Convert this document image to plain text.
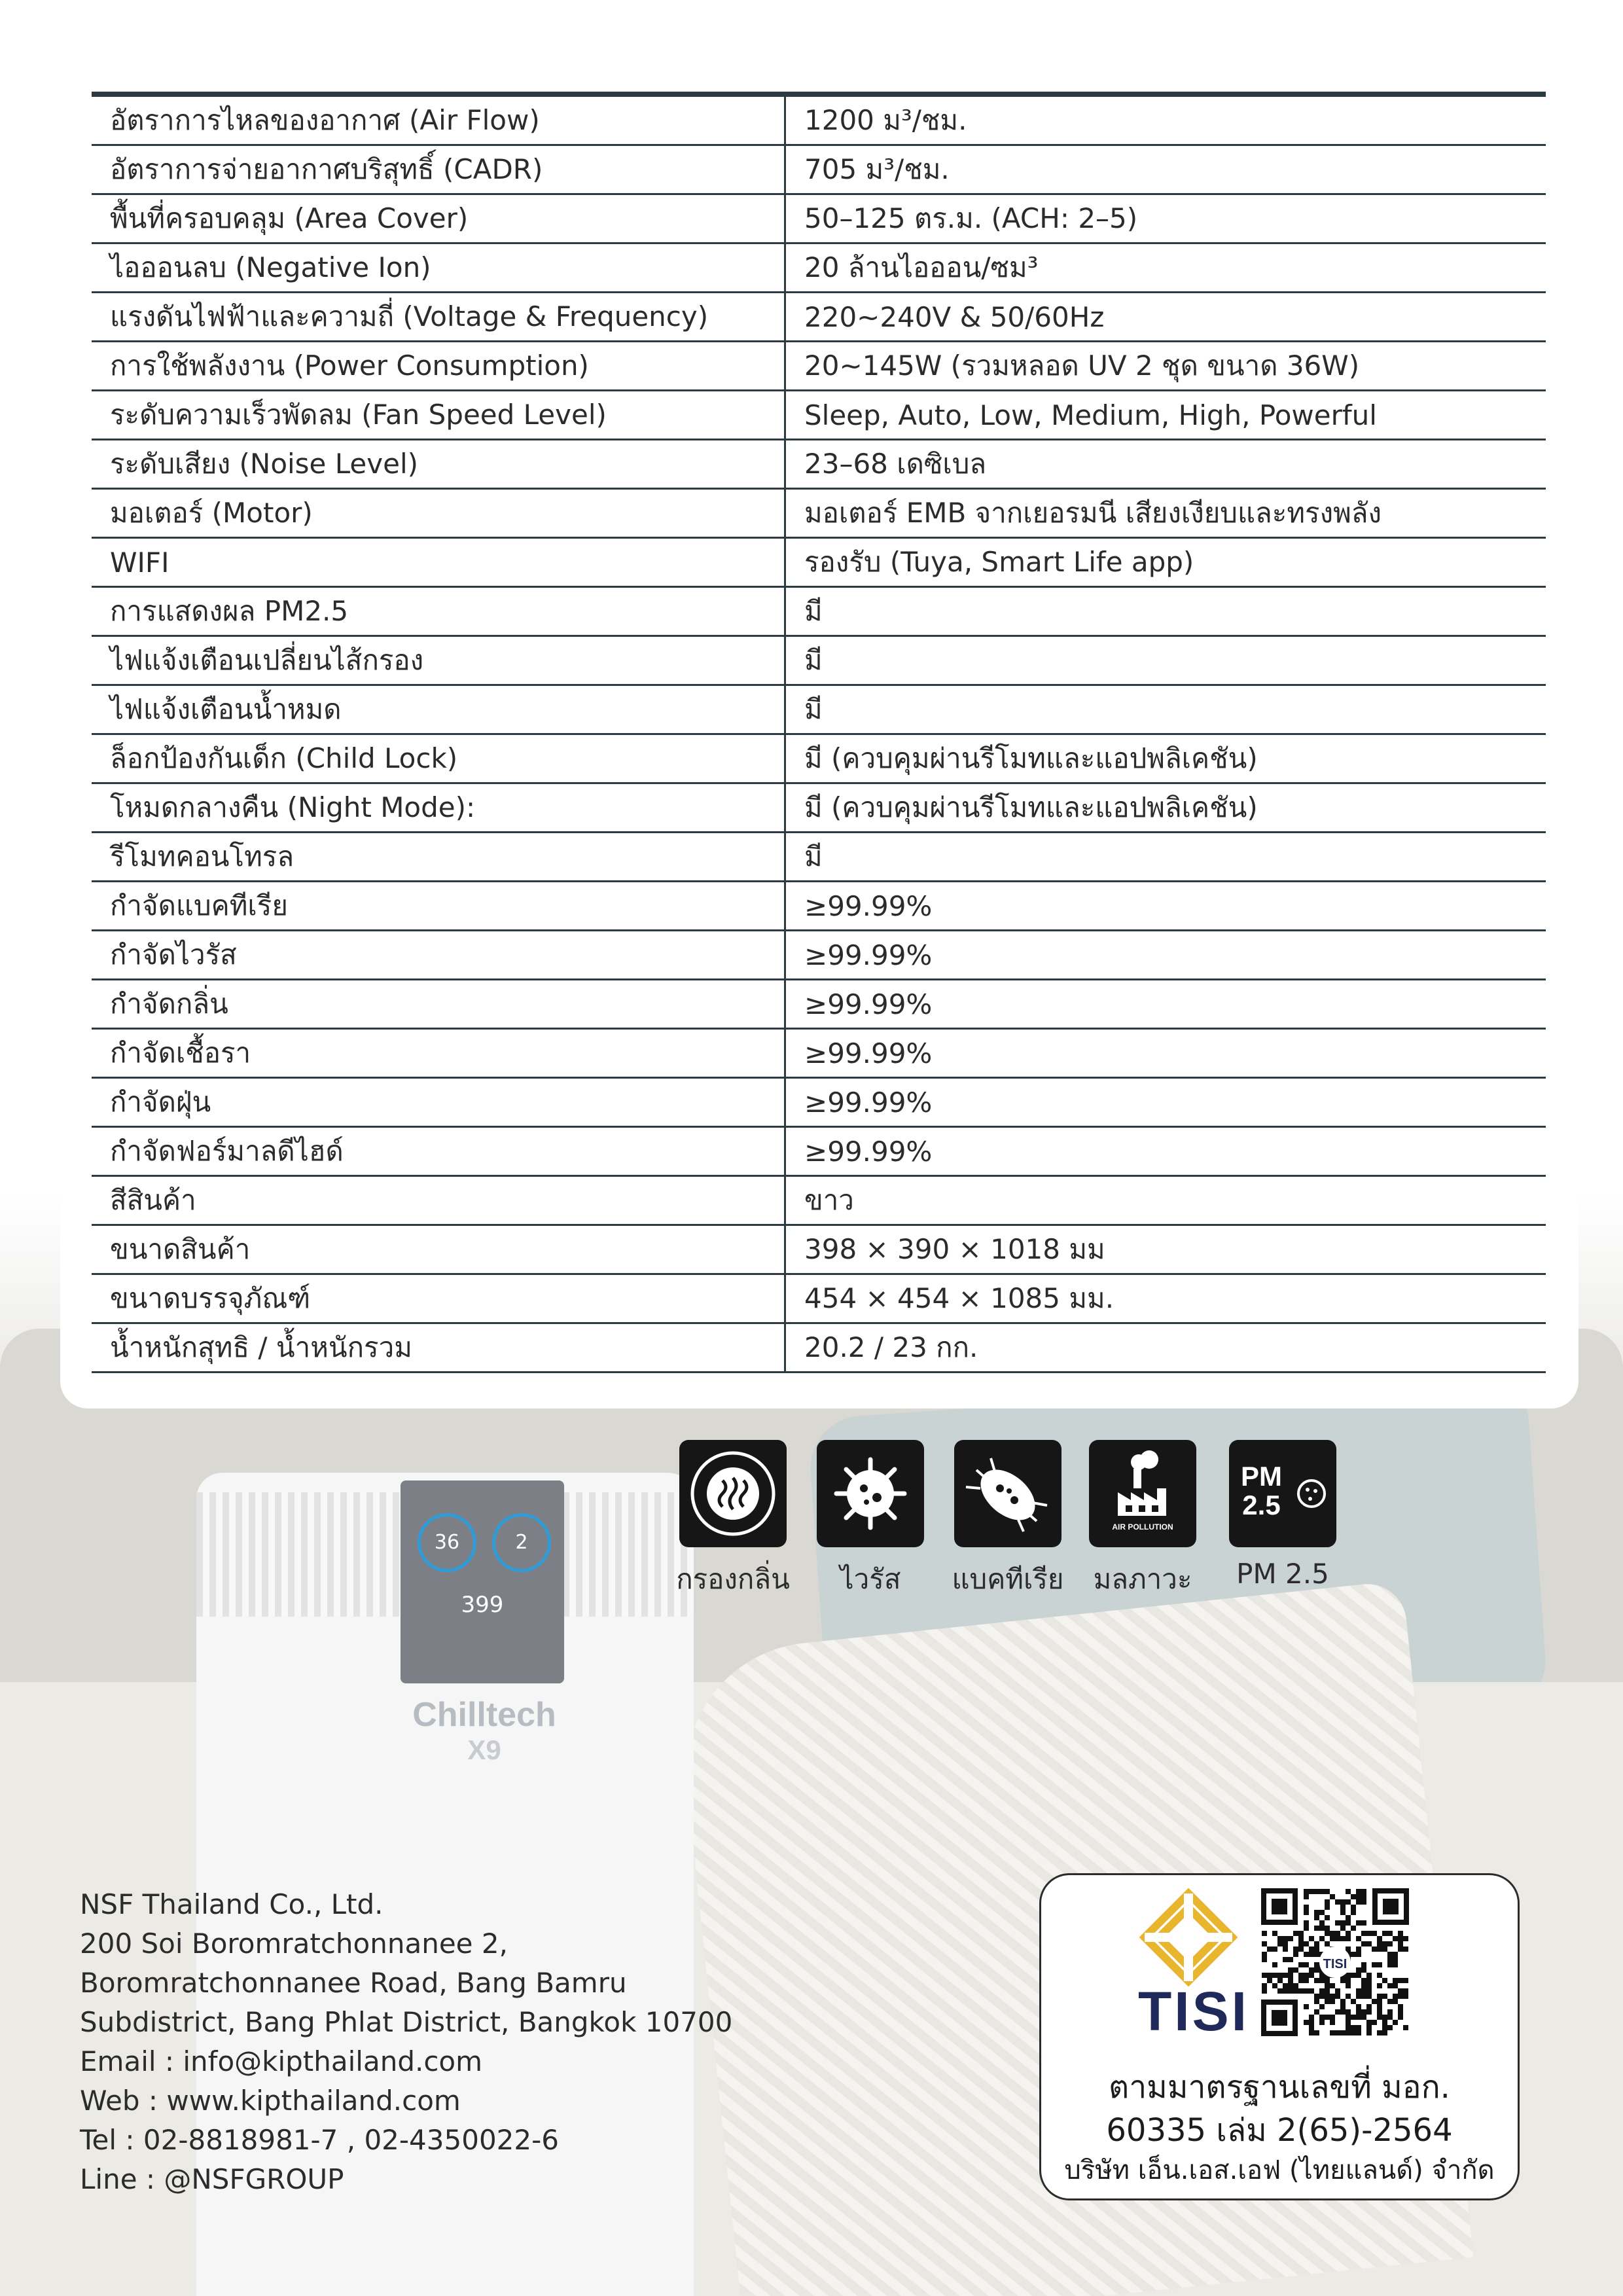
36	2
399
Chilltech
X9
อัตราการไหลของอากาศ (Air Flow)	1200 ม³/ชม.
อัตราการจ่ายอากาศบริสุทธิ์ (CADR)	705 ม³/ชม.
พื้นที่ครอบคลุม (Area Cover)	50–125 ตร.ม. (ACH: 2–5)
ไอออนลบ (Negative Ion)	20 ล้านไอออน/ซม³
แรงดันไฟฟ้าและความถี่ (Voltage & Frequency)	220~240V & 50/60Hz
การใช้พลังงาน (Power Consumption)	20~145W (รวมหลอด UV 2 ชุด ขนาด 36W)
ระดับความเร็วพัดลม (Fan Speed Level)	Sleep, Auto, Low, Medium, High, Powerful
ระดับเสียง (Noise Level)	23–68 เดซิเบล
มอเตอร์ (Motor)	มอเตอร์ EMB จากเยอรมนี เสียงเงียบและทรงพลัง
WIFI	รองรับ (Tuya, Smart Life app)
การแสดงผล PM2.5	มี
ไฟแจ้งเตือนเปลี่ยนไส้กรอง	มี
ไฟแจ้งเตือนน้ำหมด	มี
ล็อกป้องกันเด็ก (Child Lock)	มี (ควบคุมผ่านรีโมทและแอปพลิเคชัน)
โหมดกลางคืน (Night Mode):	มี (ควบคุมผ่านรีโมทและแอปพลิเคชัน)
รีโมทคอนโทรล	มี
กำจัดแบคทีเรีย	≥99.99%
กำจัดไวรัส	≥99.99%
กำจัดกลิ่น	≥99.99%
กำจัดเชื้อรา	≥99.99%
กำจัดฝุ่น	≥99.99%
กำจัดฟอร์มาลดีไฮด์	≥99.99%
สีสินค้า	ขาว
ขนาดสินค้า	398 × 390 × 1018 มม
ขนาดบรรจุภัณฑ์	454 × 454 × 1085 มม.
น้ำหนักสุทธิ / น้ำหนักรวม	20.2 / 23 กก.
กรองกลิ่น	ไวรัส	แบคทีเรีย
AIR POLLUTION
มลภาวะ
PM
2.5
PM 2.5
NSF Thailand Co., Ltd.
200 Soi Boromratchonnanee 2,
Boromratchonnanee Road, Bang Bamru
Subdistrict, Bang Phlat District, Bangkok 10700
Email : info@kipthailand.com
Web : www.kipthailand.com
Tel : 02-8818981-7 , 02-4350022-6
Line : @NSFGROUP
TISI
TISI
ตามมาตรฐานเลขที่ มอก.
60335 เล่ม 2(65)-2564
บริษัท เอ็น.เอส.เอฟ (ไทยแลนด์) จำกัด
